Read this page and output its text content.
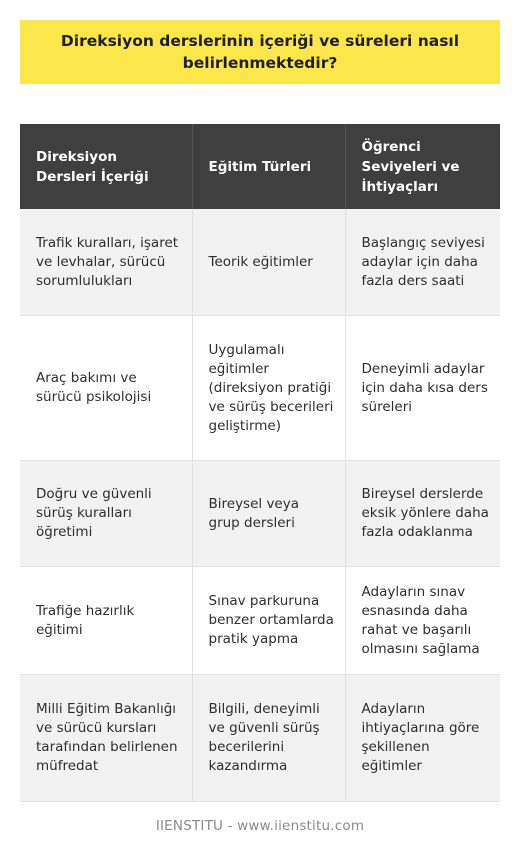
Direksiyon derslerinin içeriği ve süreleri nasıl belirlenmektedir?
Direksiyon Dersleri İçeriği	Eğitim Türleri	Öğrenci Seviyeleri ve İhtiyaçları
Trafik kuralları, işaret ve levhalar, sürücü sorumlulukları	Teorik eğitimler	Başlangıç seviyesi adaylar için daha fazla ders saati
Araç bakımı ve sürücü psikolojisi	Uygulamalı eğitimler (direksiyon pratiği ve sürüş becerileri geliştirme)	Deneyimli adaylar için daha kısa ders süreleri
Doğru ve güvenli sürüş kuralları öğretimi	Bireysel veya grup dersleri	Bireysel derslerde eksik yönlere daha fazla odaklanma
Trafiğe hazırlık eğitimi	Sınav parkuruna benzer ortamlarda pratik yapma	Adayların sınav esnasında daha rahat ve başarılı olmasını sağlama
Milli Eğitim Bakanlığı ve sürücü kursları tarafından belirlenen müfredat	Bilgili, deneyimli ve güvenli sürüş becerilerini kazandırma	Adayların ihtiyaçlarına göre şekillenen eğitimler
IIENSTITU - www.iienstitu.com
